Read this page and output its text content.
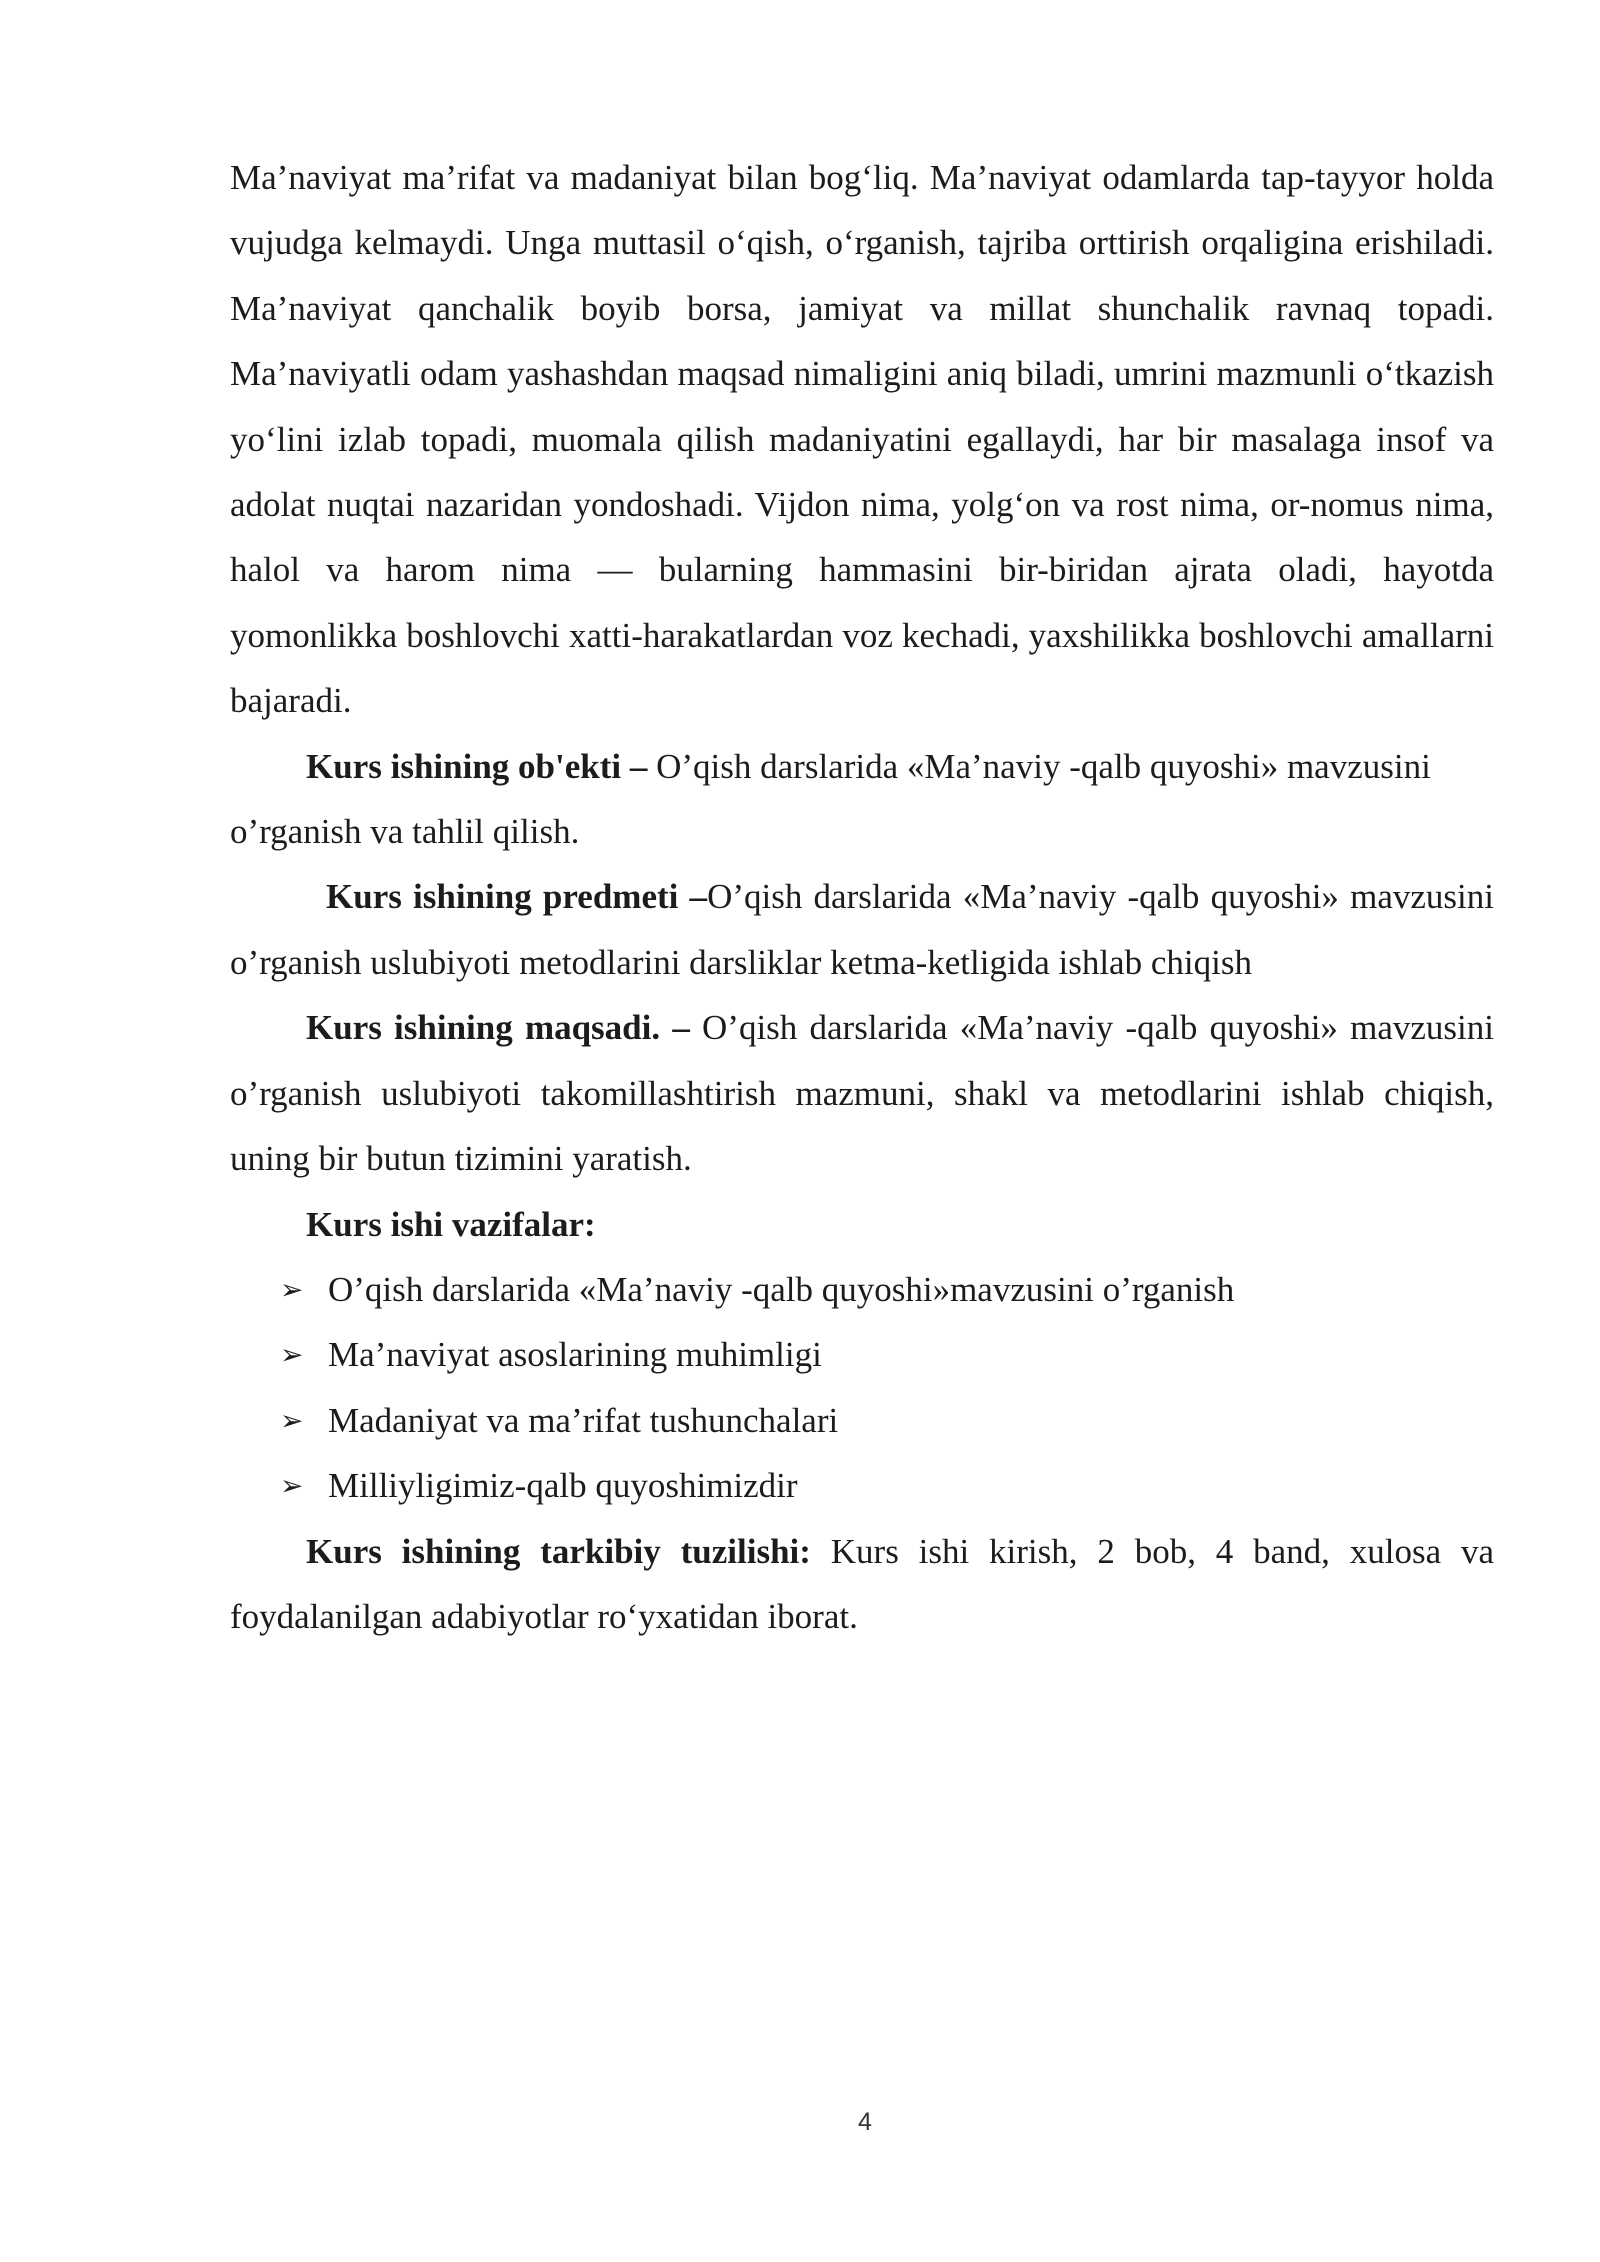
Ma’naviyat ma’rifat va madaniyat bilan bog‘liq. Ma’naviyat odamlarda tap-tayyor holda vujudga kelmaydi. Unga muttasil o‘qish, o‘rganish, tajriba orttirish orqaligina erishiladi. Ma’naviyat qanchalik boyib borsa, jamiyat va millat shunchalik ravnaq topadi. Ma’naviyatli odam yashashdan maqsad nimaligini aniq biladi, umrini mazmunli o‘tkazish yo‘lini izlab topadi, muomala qilish madaniyatini egallaydi, har bir masalaga insof va adolat nuqtai nazaridan yondoshadi. Vijdon nima, yolg‘on va rost nima, or-nomus nima, halol va harom nima — bularning hammasini bir-biridan ajrata oladi, hayotda yomonlikka boshlovchi xatti-harakatlardan voz kechadi, yaxshilikka boshlovchi amallarni bajaradi.

Kurs ishining ob'ekti – O’qish darslarida «Ma’naviy -qalb quyoshi» mavzusini o’rganish va tahlil qilish.

Kurs ishining predmeti –O’qish darslarida «Ma’naviy -qalb quyoshi» mavzusini o’rganish uslubiyoti metodlarini darsliklar ketma-ketligida ishlab chiqish

Kurs ishining maqsadi. – O’qish darslarida «Ma’naviy -qalb quyoshi» mavzusini o’rganish uslubiyoti takomillashtirish mazmuni, shakl va metodlarini ishlab chiqish, uning bir butun tizimini yaratish.

Kurs ishi vazifalar:

➢ O’qish darslarida «Ma’naviy -qalb quyoshi»mavzusini o’rganish
➢ Ma’naviyat asoslarining muhimligi
➢ Madaniyat va ma’rifat tushunchalari
➢ Milliyligimiz-qalb quyoshimizdir

Kurs ishining tarkibiy tuzilishi: Kurs ishi kirish, 2 bob, 4 band, xulosa va foydalanilgan adabiyotlar ro‘yxatidan iborat.

4
